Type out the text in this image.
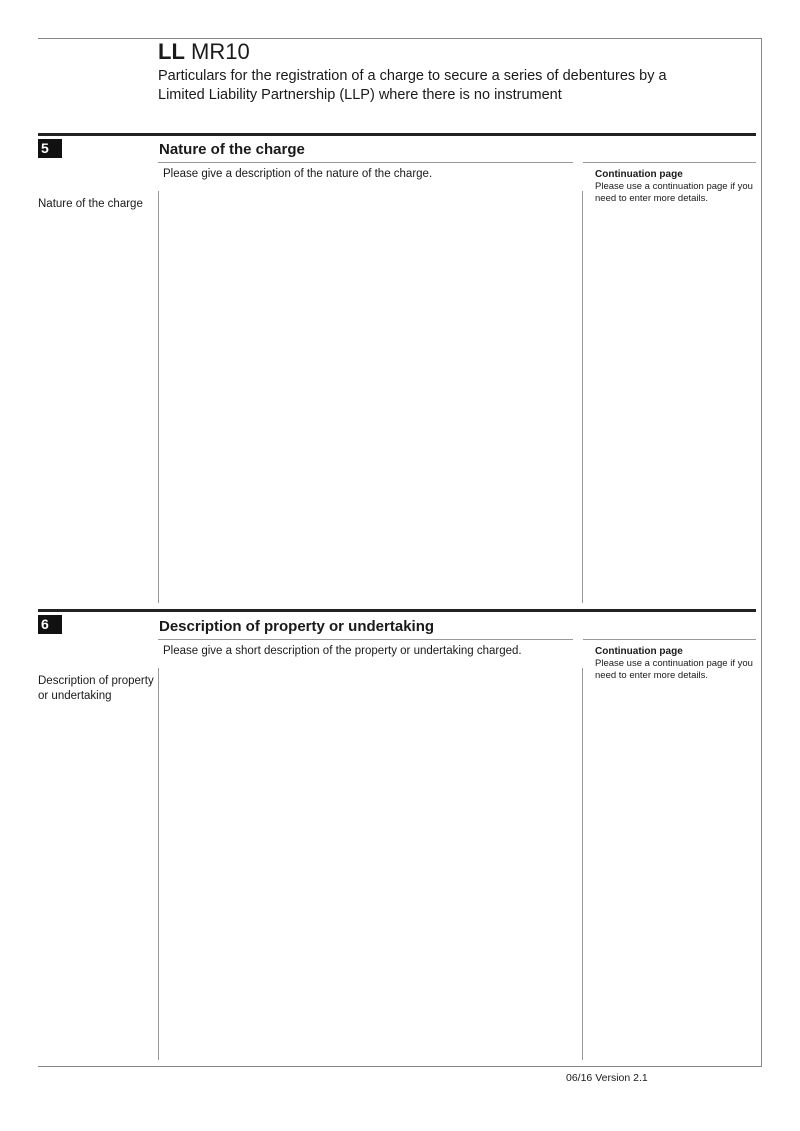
LL MR10
Particulars for the registration of a charge to secure a series of debentures by a Limited Liability Partnership (LLP) where there is no instrument
5	Nature of the charge
Please give a description of the nature of the charge.
Nature of the charge
Continuation page
Please use a continuation page if you need to enter more details.
6	Description of property or undertaking
Please give a short description of the property or undertaking charged.
Description of property or undertaking
Continuation page
Please use a continuation page if you need to enter more details.
06/16 Version 2.1
